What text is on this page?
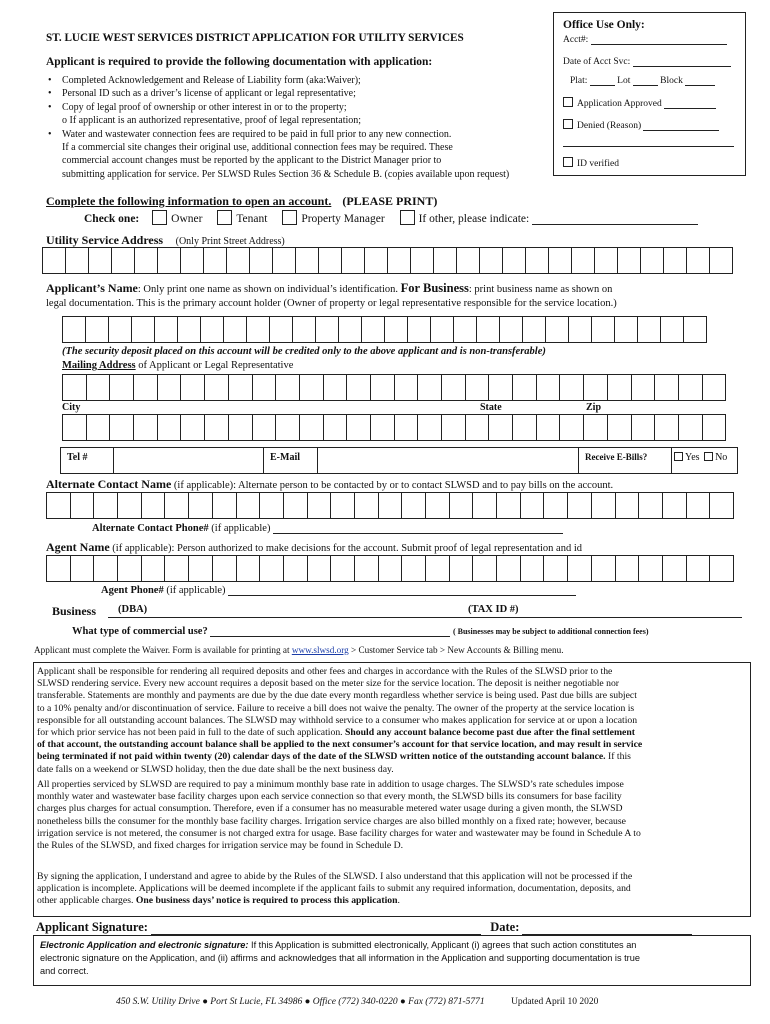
ST. LUCIE WEST SERVICES DISTRICT APPLICATION FOR UTILITY SERVICES
Applicant is required to provide the following documentation with application:
Office Use Only:
Acct#:
Date of Acct Svc:
Plat:	Lot	Block
Application Approved
Denied (Reason)
ID verified
• Completed Acknowledgement and Release of Liability form (aka:Waiver);
• Personal ID such as a driver’s license of applicant or legal representative;
• Copy of legal proof of ownership or other interest in or to the property;
o If applicant is an authorized representative, proof of legal representation;
• Water and wastewater connection fees are required to be paid in full prior to any new connection.
If a commercial site changes their original use, additional connection fees may be required. These
commercial account changes must be reported by the applicant to the District Manager prior to
submitting application for service. Per SLWSD Rules Section 36 & Schedule B. (copies available upon request)
Complete the following information to open an account. (PLEASE PRINT)
Check one:	Owner	Tenant	Property Manager	If other, please indicate:
Utility Service Address (Only Print Street Address)
Applicant’s Name: Only print one name as shown on individual’s identification. For Business: print business name as shown on
legal documentation. This is the primary account holder (Owner of property or legal representative responsible for the service location.)
(The security deposit placed on this account will be credited only to the above applicant and is non-transferable)
Mailing Address of Applicant or Legal Representative
City	State	Zip
Tel #	E-Mail	Receive E-Bills?	Yes No
Alternate Contact Name (if applicable): Alternate person to be contacted by or to contact SLWSD and to pay bills on the account.
Alternate Contact Phone# (if applicable)
Agent Name (if applicable): Person authorized to make decisions for the account. Submit proof of legal representation and id
Agent Phone# (if applicable)
Business (DBA)	(TAX ID #)
What type of commercial use?	( Businesses may be subject to additional connection fees)
Applicant must complete the Waiver. Form is available for printing at www.slwsd.org > Customer Service tab > New Accounts & Billing menu.

Applicant shall be responsible for rendering all required deposits and other fees and charges in accordance with the Rules of the SLWSD prior to the
SLWSD rendering service. Every new account requires a deposit based on the meter size for the service location. The deposit is neither negotiable nor
transferable. Statements are monthly and payments are due by the due date every month regardless whether service is being used. Past due bills are subject
to a 10% penalty and/or discontinuation of service. Failure to receive a bill does not waive the penalty. The owner of the property at the service location is
responsible for all outstanding account balances. The SLWSD may withhold service to a consumer who makes application for service at or upon a location
for which prior service has not been paid in full to the date of such application. Should any account balance become past due after the final settlement
of that account, the outstanding account balance shall be applied to the next consumer’s account for that service location, and may result in service
being terminated if not paid within twenty (20) calendar days of the date of the SLWSD written notice of the outstanding account balance. If this
date falls on a weekend or SLWSD holiday, then the due date shall be the next business day.

All properties serviced by SLWSD are required to pay a minimum monthly base rate in addition to usage charges. The SLWSD’s rate schedules impose
monthly water and wastewater base facility charges upon each service connection so that every month, the SLWSD bills its consumers for base facility
charges plus charges for actual consumption. Therefore, even if a consumer has no measurable metered water usage during a given month, the SLWSD
nonetheless bills the consumer for the monthly base facility charges. Irrigation service charges are also billed monthly on a fixed rate; however, because
irrigation service is not metered, the consumer is not charged extra for usage. Base facility charges for water and wastewater may be found in Schedule A to
the Rules of the SLWSD, and fixed charges for irrigation service may be found in Schedule D.

By signing the application, I understand and agree to abide by the Rules of the SLWSD. I also understand that this application will not be processed if the
application is incomplete. Applications will be deemed incomplete if the applicant fails to submit any required information, documentation, deposits, and
other applicable charges. One business days’ notice is required to process this application.

Applicant Signature:	Date:
Electronic Application and electronic signature: If this Application is submitted electronically, Applicant (i) agrees that such action constitutes an
electronic signature on the Application, and (ii) affirms and acknowledges that all information in the Application and supporting documentation is true
and correct.
450 S.W. Utility Drive ● Port St Lucie, FL 34986 ● Office (772) 340-0220 ● Fax (772) 871-5771	Updated April 10 2020
